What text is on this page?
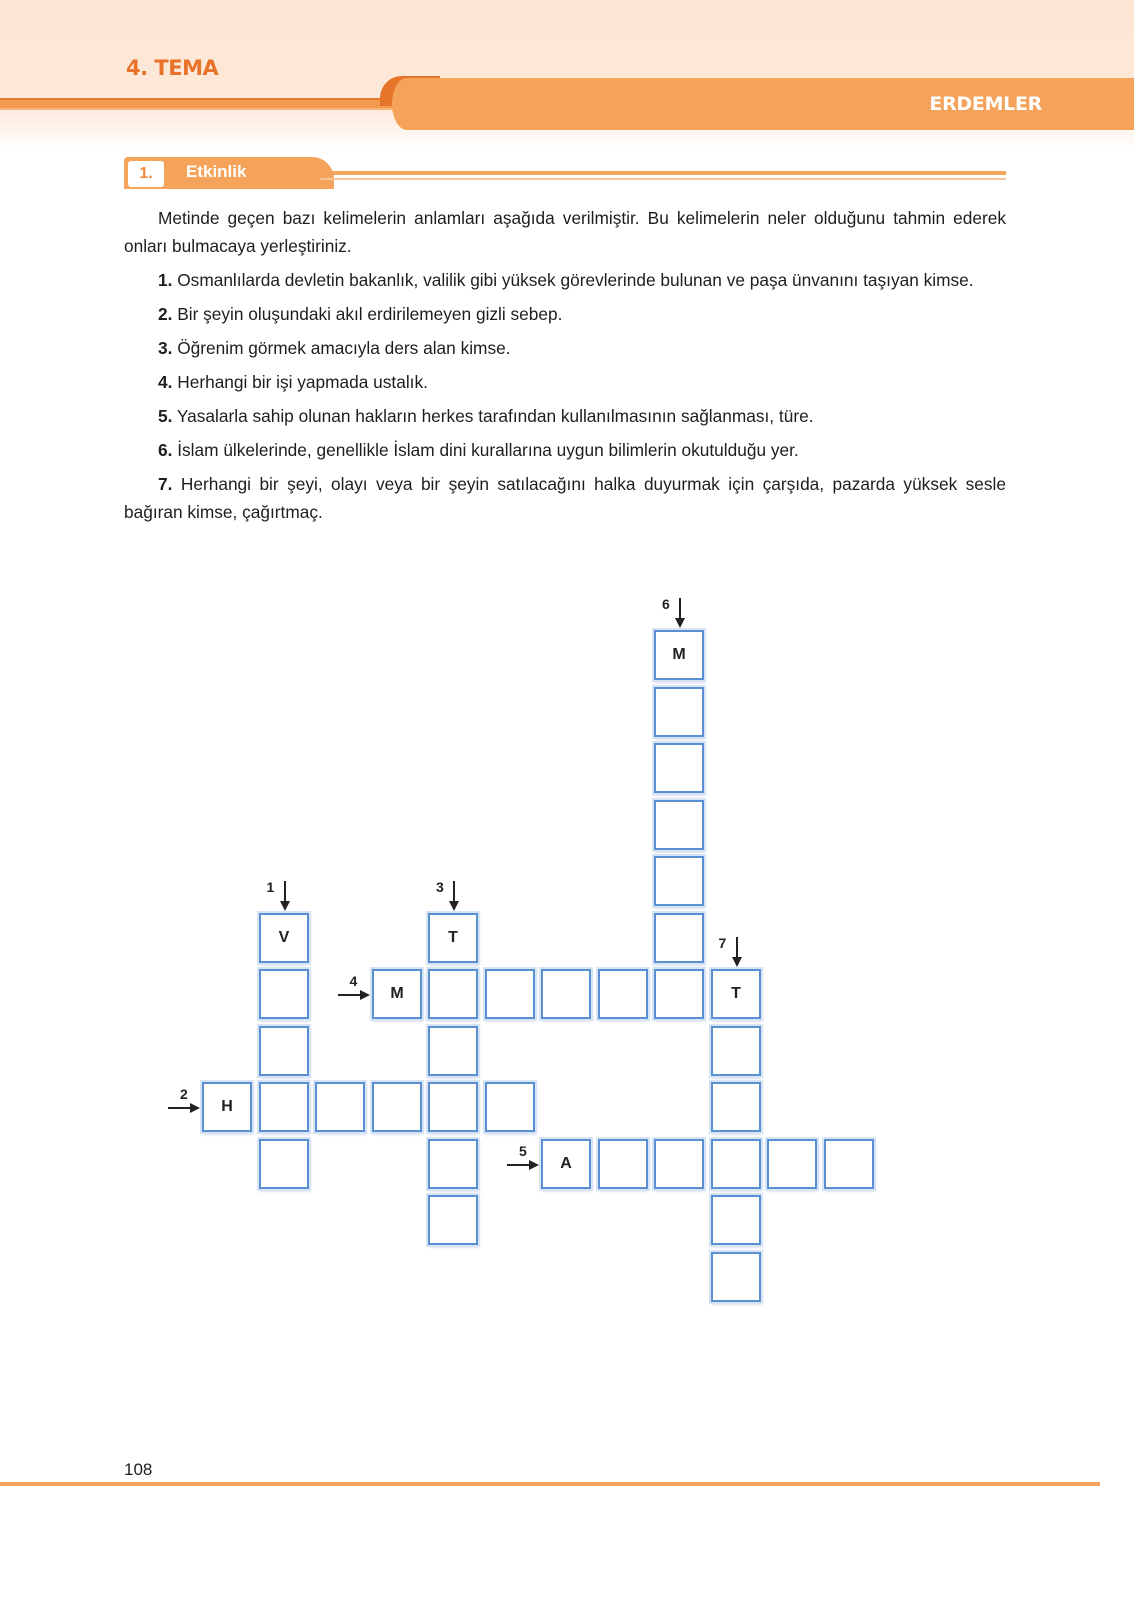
4. TEMA
ERDEMLER
1.	Etkinlik

Metinde geçen bazı kelimelerin anlamları aşağıda verilmiştir. Bu kelimelerin neler olduğunu tahmin ederek onları bulmacaya yerleştiriniz.

1. Osmanlılarda devletin bakanlık, valilik gibi yüksek görevlerinde bulunan ve paşa ünvanını taşıyan kimse.

2. Bir şeyin oluşundaki akıl erdirilemeyen gizli sebep.

3. Öğrenim görmek amacıyla ders alan kimse.

4. Herhangi bir işi yapmada ustalık.

5. Yasalarla sahip olunan hakların herkes tarafından kullanılmasının sağlanması, türe.

6. İslam ülkelerinde, genellikle İslam dini kurallarına uygun bilimlerin okutulduğu yer.

7. Herhangi bir şeyi, olayı veya bir şeyin satılacağını halka duyurmak için çarşıda, pazarda yüksek sesle bağıran kimse, çağırtmaç.

V
H
T
M	T
A
M
1
2
3
4
5
6
7
108
